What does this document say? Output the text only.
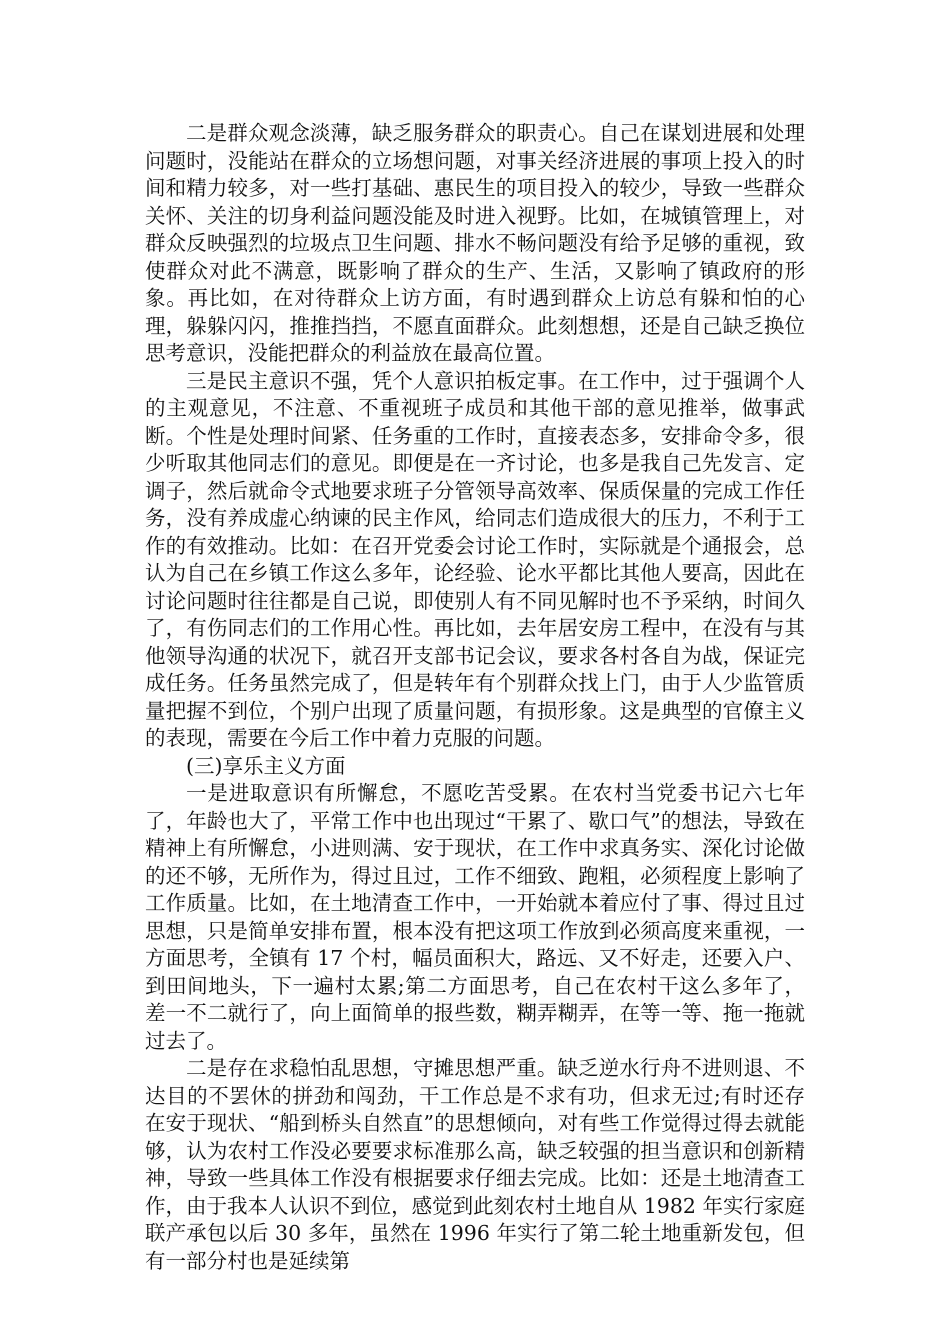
二是群众观念淡薄，缺乏服务群众的职责心。自己在谋划进展和处理问题时，没能站在群众的立场想问题，对事关经济进展的事项上投入的时间和精力较多，对一些打基础、惠民生的项目投入的较少，导致一些群众关怀、关注的切身利益问题没能及时进入视野。比如，在城镇管理上，对群众反映强烈的垃圾点卫生问题、排水不畅问题没有给予足够的重视，致使群众对此不满意，既影响了群众的生产、生活，又影响了镇政府的形象。再比如，在对待群众上访方面，有时遇到群众上访总有躲和怕的心理，躲躲闪闪，推推挡挡，不愿直面群众。此刻想想，还是自己缺乏换位思考意识，没能把群众的利益放在最高位置。

三是民主意识不强，凭个人意识拍板定事。在工作中，过于强调个人的主观意见，不注意、不重视班子成员和其他干部的意见推举，做事武断。个性是处理时间紧、任务重的工作时，直接表态多，安排命令多，很少听取其他同志们的意见。即便是在一齐讨论，也多是我自己先发言、定调子，然后就命令式地要求班子分管领导高效率、保质保量的完成工作任务，没有养成虚心纳谏的民主作风，给同志们造成很大的压力，不利于工作的有效推动。比如：在召开党委会讨论工作时，实际就是个通报会，总认为自己在乡镇工作这么多年，论经验、论水平都比其他人要高，因此在讨论问题时往往都是自己说，即使别人有不同见解时也不予采纳，时间久了，有伤同志们的工作用心性。再比如，去年居安房工程中，在没有与其他领导沟通的状况下，就召开支部书记会议，要求各村各自为战，保证完成任务。任务虽然完成了，但是转年有个别群众找上门，由于人少监管质量把握不到位，个别户出现了质量问题，有损形象。这是典型的官僚主义的表现，需要在今后工作中着力克服的问题。

(三)享乐主义方面

一是进取意识有所懈怠，不愿吃苦受累。在农村当党委书记六七年了，年龄也大了，平常工作中也出现过“干累了、歇口气”的想法，导致在精神上有所懈怠，小进则满、安于现状，在工作中求真务实、深化讨论做的还不够，无所作为，得过且过，工作不细致、跑粗，必须程度上影响了工作质量。比如，在土地清查工作中，一开始就本着应付了事、得过且过思想，只是简单安排布置，根本没有把这项工作放到必须高度来重视，一方面思考，全镇有 17 个村，幅员面积大，路远、又不好走，还要入户、到田间地头，下一遍村太累;第二方面思考，自己在农村干这么多年了，差一不二就行了，向上面简单的报些数，糊弄糊弄，在等一等、拖一拖就过去了。

二是存在求稳怕乱思想，守摊思想严重。缺乏逆水行舟不进则退、不达目的不罢休的拼劲和闯劲，干工作总是不求有功，但求无过;有时还存在安于现状、“船到桥头自然直”的思想倾向，对有些工作觉得过得去就能够，认为农村工作没必要要求标准那么高，缺乏较强的担当意识和创新精神，导致一些具体工作没有根据要求仔细去完成。比如：还是土地清查工作，由于我本人认识不到位，感觉到此刻农村土地自从 1982 年实行家庭联产承包以后 30 多年，虽然在 1996 年实行了第二轮土地重新发包，但有一部分村也是延续第
